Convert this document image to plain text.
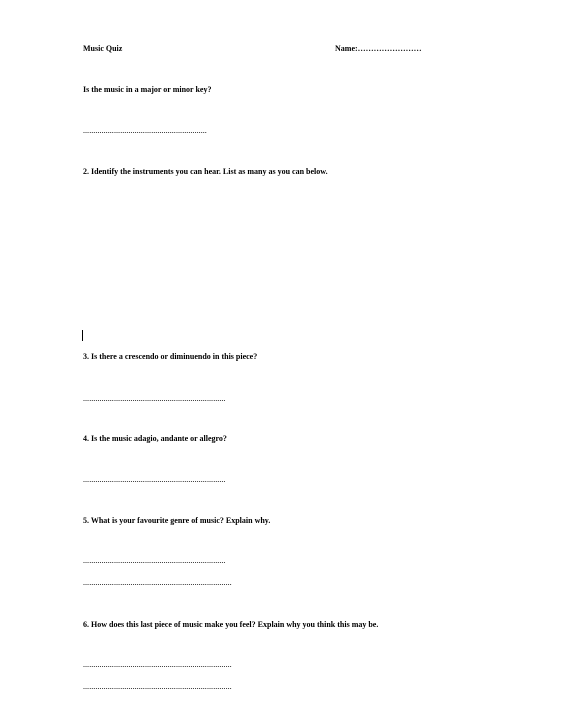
Music Quiz	Name:……………………
Is the music in a major or minor key?
……………………………………………………
2. Identify the instruments you can hear. List as many as you can below.
3. Is there a crescendo or diminuendo in this piece?
……………………………………………………………
4. Is the music adagio, andante or allegro?
……………………………………………………………
5. What is your favourite genre of music? Explain why.
……………………………………………………………
………………………………………………………………
6. How does this last piece of music make you feel? Explain why you think this may be.
………………………………………………………………
………………………………………………………………
